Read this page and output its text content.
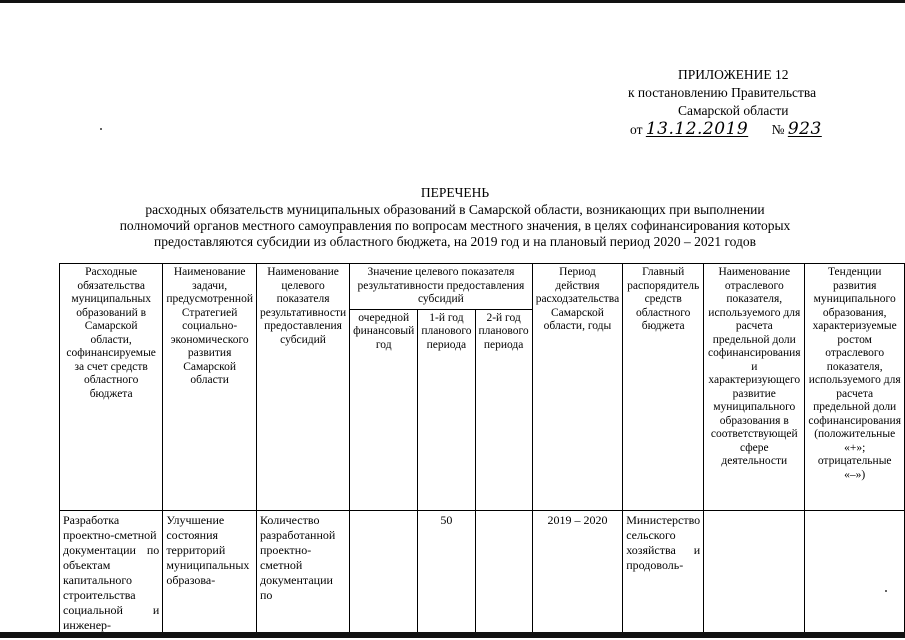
ПРИЛОЖЕНИЕ 12
к постановлению Правительства
Самарской области
от 13.12.2019 № 923
ПЕРЕЧЕНЬ
расходных обязательств муниципальных образований в Самарской области, возникающих при выполнении
полномочий органов местного самоуправления по вопросам местного значения, в целях софинансирования которых
предоставляются субсидии из областного бюджета, на 2019 год и на плановый период 2020 – 2021 годов
Расходные обязательства муниципальных образований в Самарской области, софинансируемые за счет средств областного бюджета	Наименование задачи, предусмотренной Стратегией социально-экономического развития Самарской области	Наименование целевого показателя результативности предоставления субсидий	Значение целевого показателя результативности предоставления субсидий			Период действия расходзательства Самарской области, годы	Главный распорядитель средств областного бюджета	Наименование отраслевого показателя, используемого для расчета предельной доли софинансирования и характеризующего развитие муниципального образования в соответствующей сфере деятельности	Тенденции развития муниципального образования, характеризуемые ростом отраслевого показателя, используемого для расчета предельной доли софинансирования (положительные «+»; отрицательные «–»)
			очередной финансовый год	1-й год планового периода	2-й год планового периода				
Разработка проектно-сметной документации по объектам капитального строительства социальной и инженер-	Улучшение состояния территорий муниципальных образова-	Количество разработанной проектно-сметной документации по		50		2019 – 2020	Министерство сельского хозяйства и продоволь-		
